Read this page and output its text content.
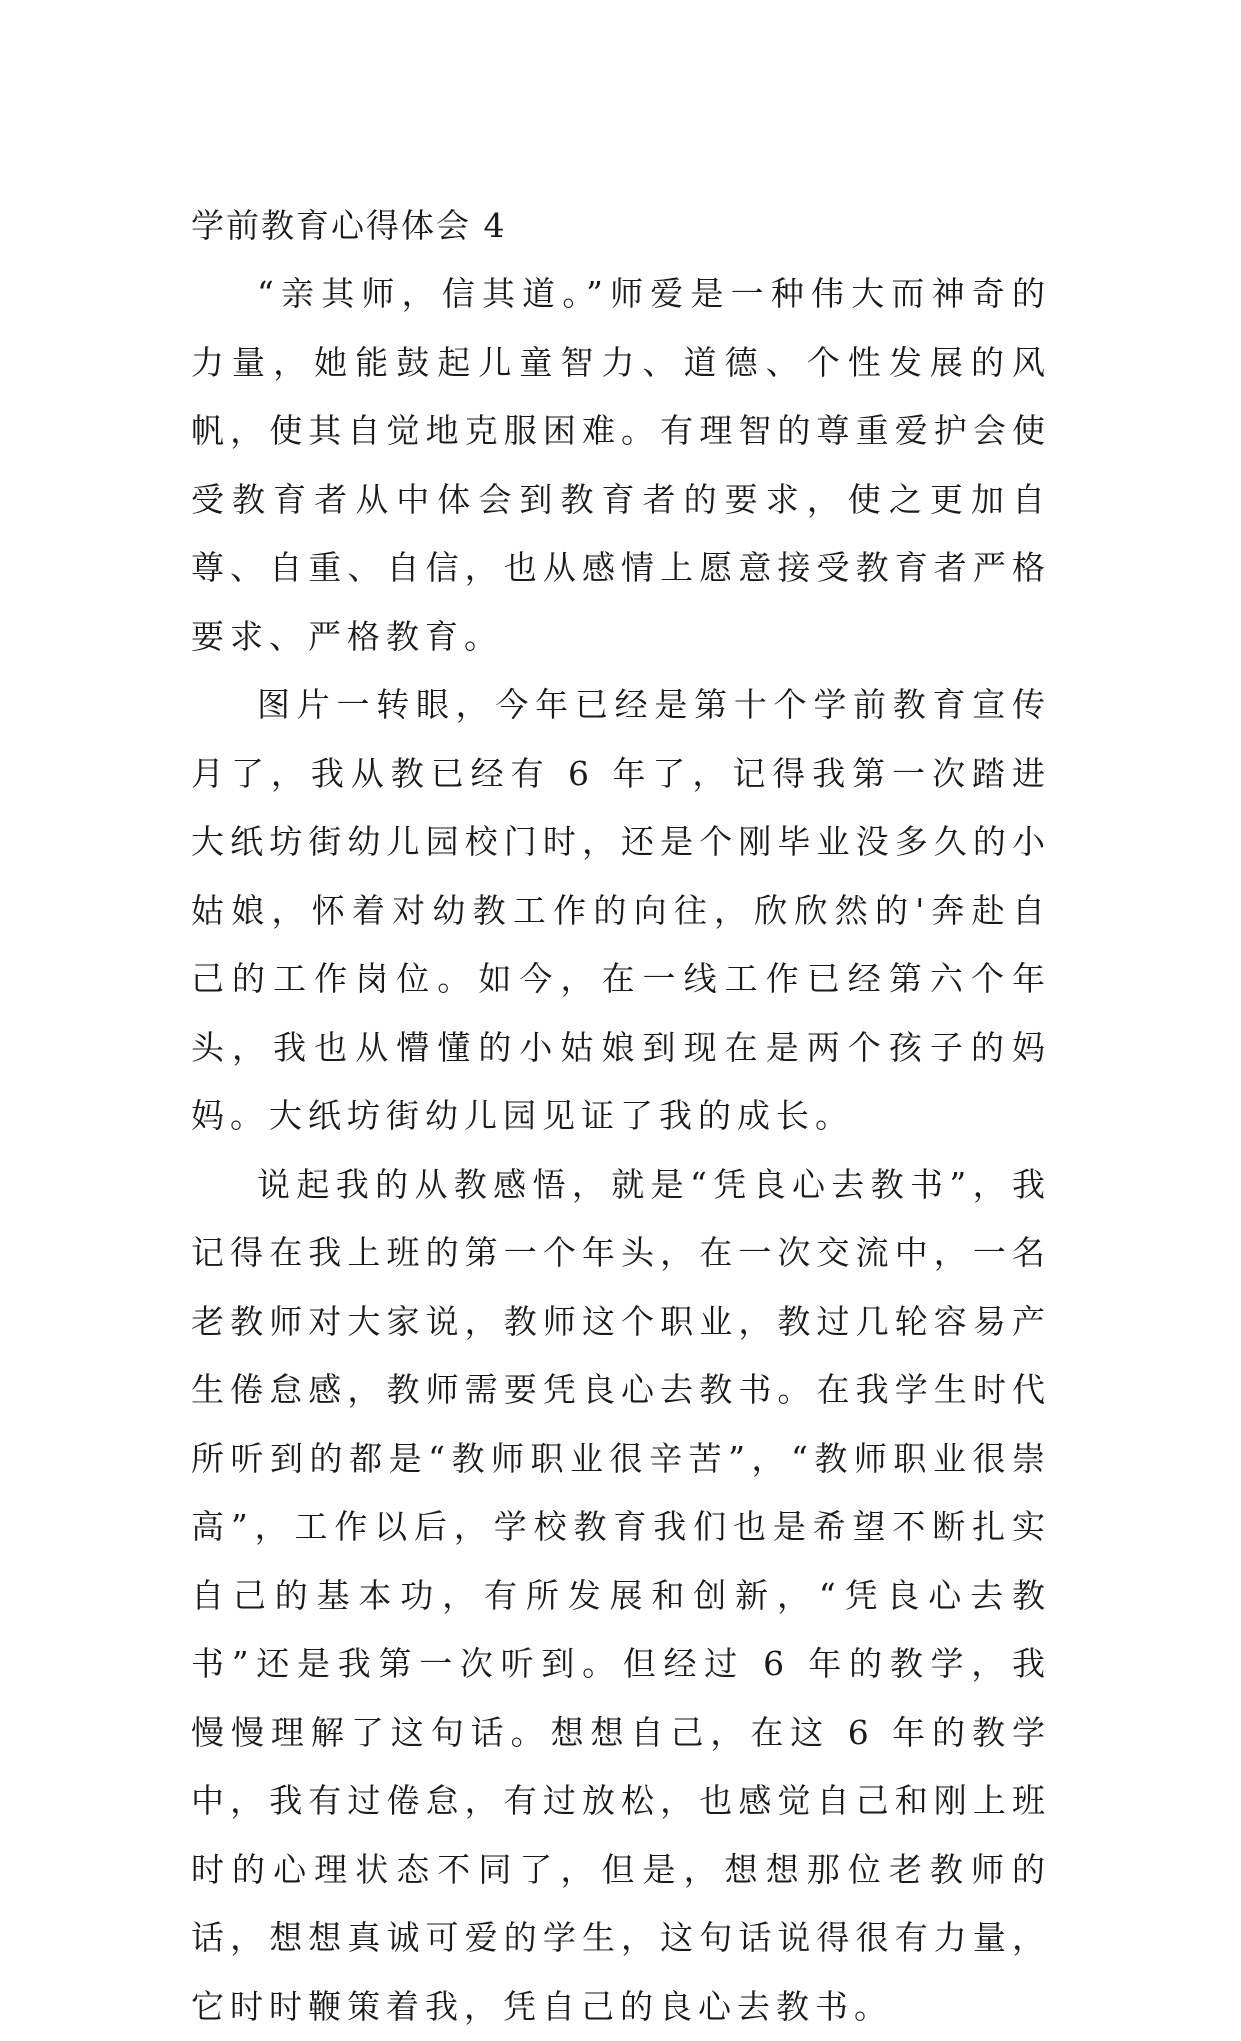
学前教育心得体会 4

“亲其师，信其道。”师爱是一种伟大而神奇的力量，她能鼓起儿童智力、道德、个性发展的风帆，使其自觉地克服困难。有理智的尊重爱护会使受教育者从中体会到教育者的要求，使之更加自尊、自重、自信，也从感情上愿意接受教育者严格要求、严格教育。

图片一转眼，今年已经是第十个学前教育宣传月了，我从教已经有 6 年了，记得我第一次踏进大纸坊街幼儿园校门时，还是个刚毕业没多久的小姑娘，怀着对幼教工作的向往，欣欣然的'奔赴自己的工作岗位。如今，在一线工作已经第六个年头，我也从懵懂的小姑娘到现在是两个孩子的妈妈。大纸坊街幼儿园见证了我的成长。

说起我的从教感悟，就是“凭良心去教书”，我记得在我上班的第一个年头，在一次交流中，一名老教师对大家说，教师这个职业，教过几轮容易产生倦怠感，教师需要凭良心去教书。在我学生时代所听到的都是“教师职业很辛苦”，“教师职业很崇高”，工作以后，学校教育我们也是希望不断扎实自己的基本功，有所发展和创新，“凭良心去教书”还是我第一次听到。但经过 6 年的教学，我慢慢理解了这句话。想想自己，在这 6 年的教学中，我有过倦怠，有过放松，也感觉自己和刚上班时的心理状态不同了，但是，想想那位老教师的话，想想真诚可爱的学生，这句话说得很有力量，它时时鞭策着我，凭自己的良心去教书。
